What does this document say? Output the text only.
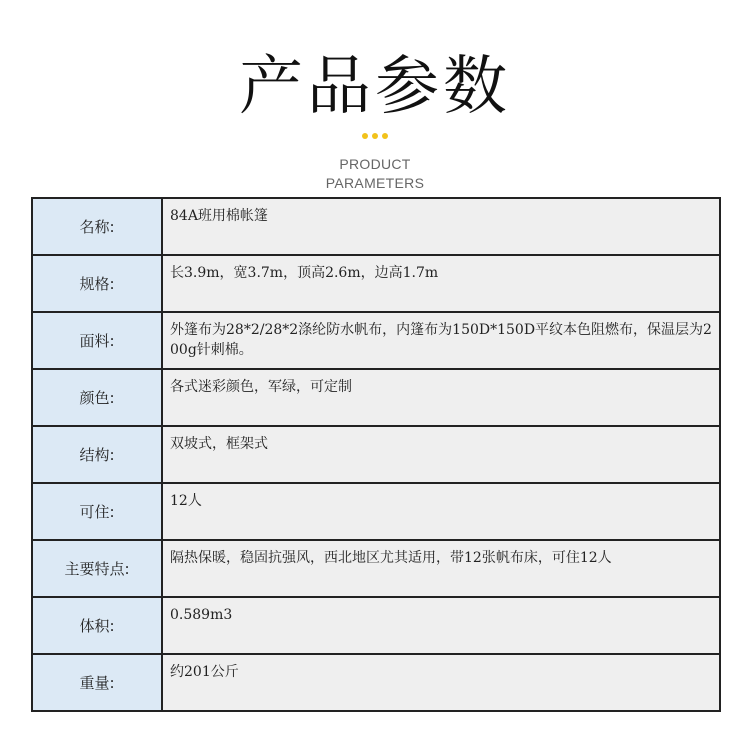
产品参数
PRODUCT
PARAMETERS
名称:
84A班用棉帐篷
规格:
长3.9m，宽3.7m，顶高2.6m，边高1.7m
面料:
外篷布为28*2/28*2涤纶防水帆布，内篷布为150D*150D平纹本色阻燃布，保温层为200g针刺棉。
颜色:
各式迷彩颜色，军绿，可定制
结构:
双坡式，框架式
可住:
12人
主要特点:
隔热保暖，稳固抗强风，西北地区尤其适用，带12张帆布床，可住12人
体积:
0.589m3
重量:
约201公斤
